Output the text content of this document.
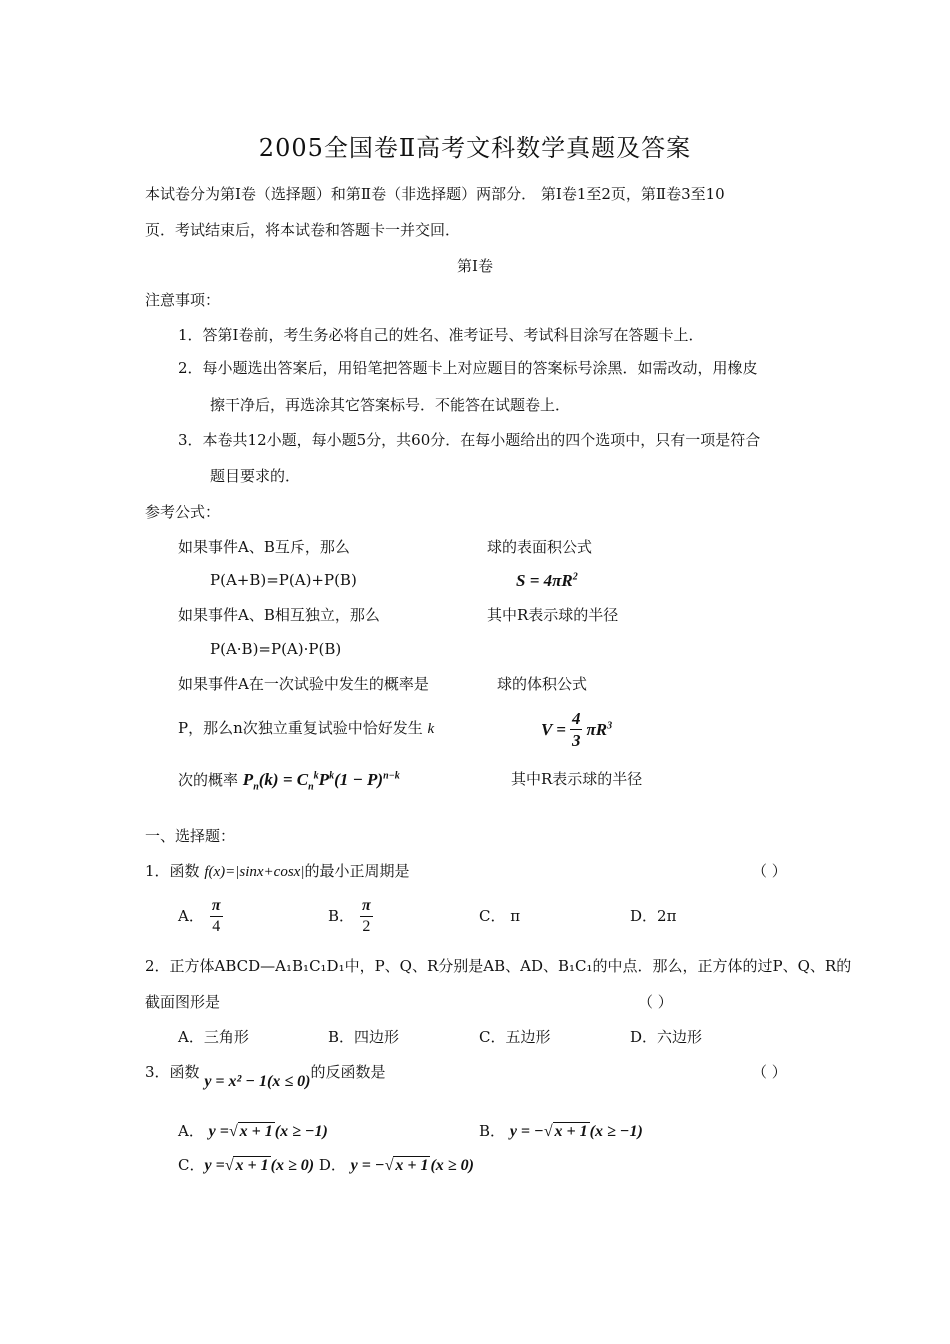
2005全国卷Ⅱ高考文科数学真题及答案
本试卷分为第Ⅰ卷（选择题）和第Ⅱ卷（非选择题）两部分． 第Ⅰ卷1至2页，第Ⅱ卷3至10
页．考试结束后，将本试卷和答题卡一并交回．
第Ⅰ卷
注意事项：
1．答第Ⅰ卷前，考生务必将自己的姓名、准考证号、考试科目涂写在答题卡上．
2．每小题选出答案后，用铅笔把答题卡上对应题目的答案标号涂黑．如需改动，用橡皮
擦干净后，再选涂其它答案标号．不能答在试题卷上．
3．本卷共12小题，每小题5分，共60分．在每小题给出的四个选项中，只有一项是符合
题目要求的．
参考公式：
如果事件A、B互斥，那么
P(A+B)=P(A)+P(B)
如果事件A、B相互独立，那么
P(A·B)=P(A)·P(B)
如果事件A在一次试验中发生的概率是
P，那么n次独立重复试验中恰好发生 k
次的概率 $P_n(k) = C_n^kP^k(1 - P)^{n-k}$
球的表面积公式
$S = 4\pi R^2$
其中R表示球的半径
球的体积公式
$V = \frac{4}{3} \pi R^3$
其中R表示球的半径
一、选择题：
1．函数 f(x)=|sinx+cosx|的最小正周期是	（ ）
A． $\frac{\pi}{4}$	B． $\frac{\pi}{2}$	C． π	D．2π
2．正方体ABCD—A₁B₁C₁D₁中，P、Q、R分别是AB、AD、B₁C₁的中点．那么，正方体的过P、Q、R的
截面图形是	（ ）
A．三角形	B．四边形	C．五边形	D．六边形
3．函数 y = x² − 1(x ≤ 0)的反函数是	（ ）
A． y =√ x + 1 (x ≥ −1)	B． y = −√ x + 1 (x ≥ −1)
C．y =√ x + 1 (x ≥ 0) D． y = −√ x + 1 (x ≥ 0)
